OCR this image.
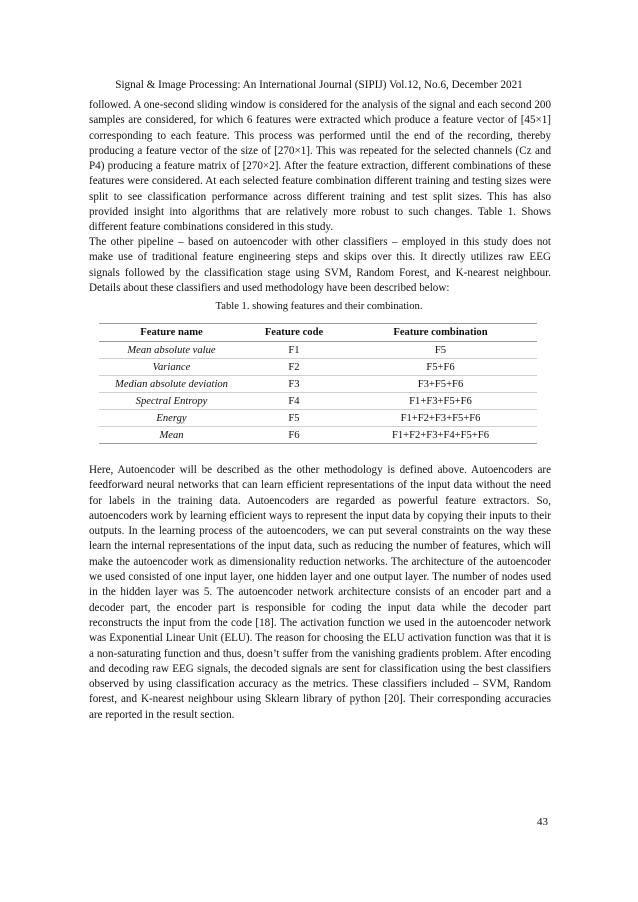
Signal & Image Processing: An International Journal (SIPIJ) Vol.12, No.6, December 2021

followed. A one-second sliding window is considered for the analysis of the signal and each second 200 samples are considered, for which 6 features were extracted which produce a feature vector of [45×1] corresponding to each feature. This process was performed until the end of the recording, thereby producing a feature vector of the size of [270×1]. This was repeated for the selected channels (Cz and P4) producing a feature matrix of [270×2]. After the feature extraction, different combinations of these features were considered. At each selected feature combination different training and testing sizes were split to see classification performance across different training and test split sizes. This has also provided insight into algorithms that are relatively more robust to such changes. Table 1. Shows different feature combinations considered in this study.

The other pipeline – based on autoencoder with other classifiers – employed in this study does not make use of traditional feature engineering steps and skips over this. It directly utilizes raw EEG signals followed by the classification stage using SVM, Random Forest, and K-nearest neighbour. Details about these classifiers and used methodology have been described below:

Table 1. showing features and their combination.
Feature name	Feature code	Feature combination
Mean absolute value	F1	F5
Variance	F2	F5+F6
Median absolute deviation	F3	F3+F5+F6
Spectral Entropy	F4	F1+F3+F5+F6
Energy	F5	F1+F2+F3+F5+F6
Mean	F6	F1+F2+F3+F4+F5+F6

Here, Autoencoder will be described as the other methodology is defined above. Autoencoders are feedforward neural networks that can learn efficient representations of the input data without the need for labels in the training data. Autoencoders are regarded as powerful feature extractors. So, autoencoders work by learning efficient ways to represent the input data by copying their inputs to their outputs. In the learning process of the autoencoders, we can put several constraints on the way these learn the internal representations of the input data, such as reducing the number of features, which will make the autoencoder work as dimensionality reduction networks. The architecture of the autoencoder we used consisted of one input layer, one hidden layer and one output layer. The number of nodes used in the hidden layer was 5. The autoencoder network architecture consists of an encoder part and a decoder part, the encoder part is responsible for coding the input data while the decoder part reconstructs the input from the code [18]. The activation function we used in the autoencoder network was Exponential Linear Unit (ELU). The reason for choosing the ELU activation function was that it is a non-saturating function and thus, doesn’t suffer from the vanishing gradients problem. After encoding and decoding raw EEG signals, the decoded signals are sent for classification using the best classifiers observed by using classification accuracy as the metrics. These classifiers included – SVM, Random forest, and K-nearest neighbour using Sklearn library of python [20]. Their corresponding accuracies are reported in the result section.

43
